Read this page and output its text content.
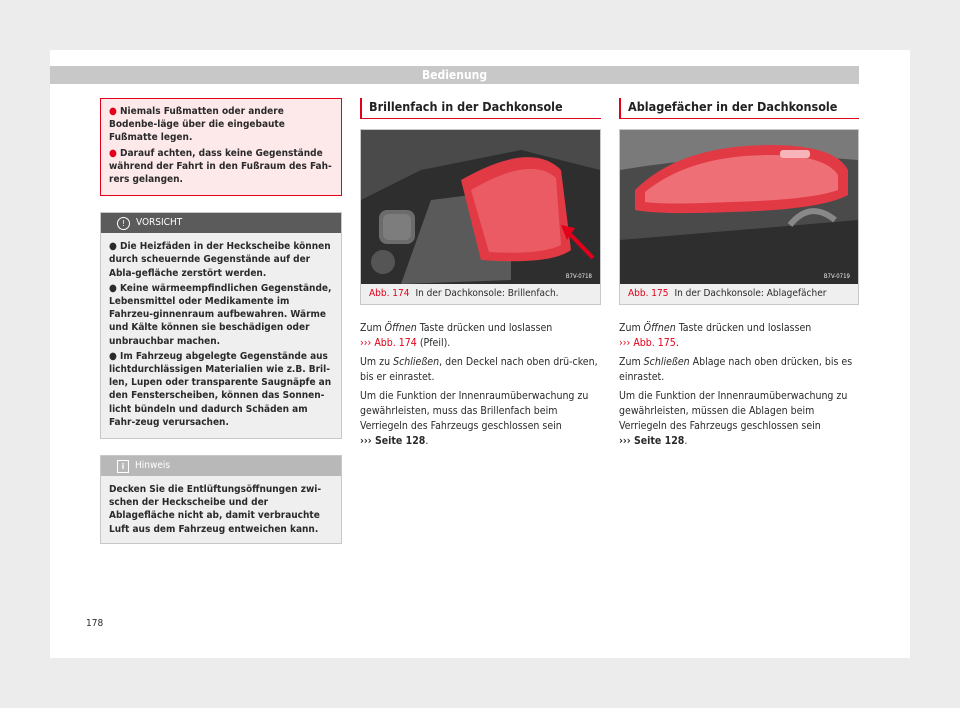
Bedienung

● Niemals Fußmatten oder andere Bodenbe-läge über die eingebaute Fußmatte legen.

● Darauf achten, dass keine Gegenstände während der Fahrt in den Fußraum des Fah-rers gelangen.

!	VORSICHT

● Die Heizfäden in der Heckscheibe können durch scheuernde Gegenstände auf der Abla-gefläche zerstört werden.

● Keine wärmeempfindlichen Gegenstände, Lebensmittel oder Medikamente im Fahrzeu-ginnenraum aufbewahren. Wärme und Kälte können sie beschädigen oder unbrauchbar machen.

● Im Fahrzeug abgelegte Gegenstände aus lichtdurchlässigen Materialien wie z.B. Bril-len, Lupen oder transparente Saugnäpfe an den Fensterscheiben, können das Sonnen-licht bündeln und dadurch Schäden am Fahr-zeug verursachen.

i	Hinweis
Decken Sie die Entlüftungsöffnungen zwi-schen der Heckscheibe und der Ablagefläche nicht ab, damit verbrauchte Luft aus dem Fahrzeug entweichen kann.
Brillenfach in der Dachkonsole
B7V-0718
Abb. 174 In der Dachkonsole: Brillenfach.

Zum Öffnen Taste drücken und loslassen
››› Abb. 174 (Pfeil).

Um zu Schließen, den Deckel nach oben drü-cken, bis er einrastet.

Um die Funktion der Innenraumüberwachung zu gewährleisten, muss das Brillenfach beim Verriegeln des Fahrzeugs geschlossen sein
››› Seite 128.

Ablagefächer in der Dachkonsole
B7V-0719
Abb. 175 In der Dachkonsole: Ablagefächer

Zum Öffnen Taste drücken und loslassen
››› Abb. 175.

Zum Schließen Ablage nach oben drücken, bis es einrastet.

Um die Funktion der Innenraumüberwachung zu gewährleisten, müssen die Ablagen beim Verriegeln des Fahrzeugs geschlossen sein
››› Seite 128.

178
